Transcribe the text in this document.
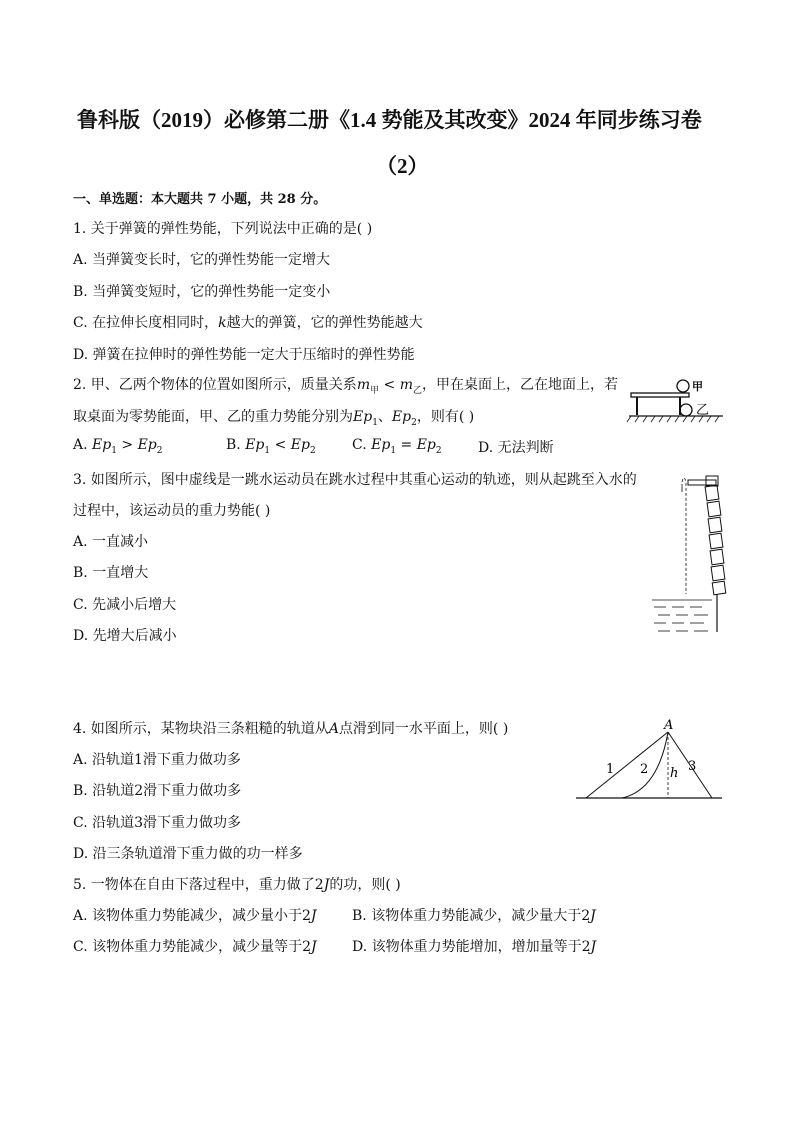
鲁科版（2019）必修第二册《1.4 势能及其改变》2024 年同步练习卷
（2）
一、单选题：本大题共 7 小题，共 28 分。
1. 关于弹簧的弹性势能，下列说法中正确的是( )
A. 当弹簧变长时，它的弹性势能一定增大
B. 当弹簧变短时，它的弹性势能一定变小
C. 在拉伸长度相同时，k越大的弹簧，它的弹性势能越大
D. 弹簧在拉伸时的弹性势能一定大于压缩时的弹性势能
2. 甲、乙两个物体的位置如图所示，质量关系$m_甲 < m_乙$，甲在桌面上，乙在地面上，若
取桌面为零势能面，甲、乙的重力势能分别为$Ep_1$、$Ep_2$，则有( )
A. $Ep_1 > Ep_2$	B. $Ep_1 < Ep_2$	C. $Ep_1 = Ep_2$	D. 无法判断
甲
乙
3. 如图所示，图中虚线是一跳水运动员在跳水过程中其重心运动的轨迹，则从起跳至入水的
过程中，该运动员的重力势能( )
A. 一直减小
B. 一直增大
C. 先减小后增大
D. 先增大后减小
4. 如图所示，某物块沿三条粗糙的轨道从A点滑到同一水平面上，则( )
A. 沿轨道1滑下重力做功多
B. 沿轨道2滑下重力做功多
C. 沿轨道3滑下重力做功多
D. 沿三条轨道滑下重力做的功一样多
A
1 2 h 3
5. 一物体在自由下落过程中，重力做了2J的功，则( )
A. 该物体重力势能减少，减少量小于2J	B. 该物体重力势能减少，减少量大于2J
C. 该物体重力势能减少，减少量等于2J	D. 该物体重力势能增加，增加量等于2J
